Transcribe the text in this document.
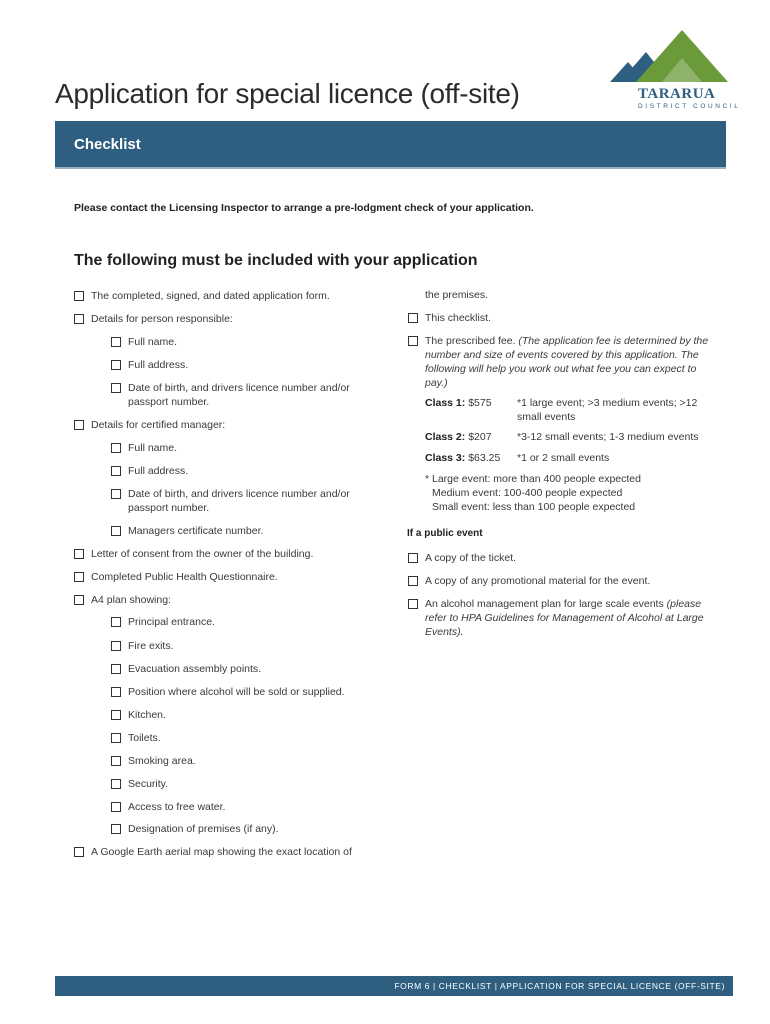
Application for special licence (off-site)	TARARUA
DISTRICT COUNCIL
Checklist
Please contact the Licensing Inspector to arrange a pre-lodgment check of your application.
The following must be included with your application
The completed, signed, and dated application form.
Details for person responsible:
Full name.
Full address.
Date of birth, and drivers licence number and/or passport number.
Details for certified manager:
Full name.
Full address.
Date of birth, and drivers licence number and/or passport number.
Managers certificate number.
Letter of consent from the owner of the building.
Completed Public Health Questionnaire.
A4 plan showing:
Principal entrance.
Fire exits.
Evacuation assembly points.
Position where alcohol will be sold or supplied.
Kitchen.
Toilets.
Smoking area.
Security.
Access to free water.
Designation of premises (if any).
A Google Earth aerial map showing the exact location of
the premises.
This checklist.
The prescribed fee. (The application fee is determined by the number and size of events covered by this application. The following will help you work out what fee you can expect to pay.)
Class 1: $575 *1 large event; >3 medium events; >12 small events
Class 2: $207 *3-12 small events; 1-3 medium events
Class 3: $63.25 *1 or 2 small events
* Large event: more than 400 people expected
Medium event: 100-400 people expected
Small event: less than 100 people expected
If a public event
A copy of the ticket.
A copy of any promotional material for the event.
An alcohol management plan for large scale events (please refer to HPA Guidelines for Management of Alcohol at Large Events).
FORM 6 | CHECKLIST | APPLICATION FOR SPECIAL LICENCE (OFF-SITE)
